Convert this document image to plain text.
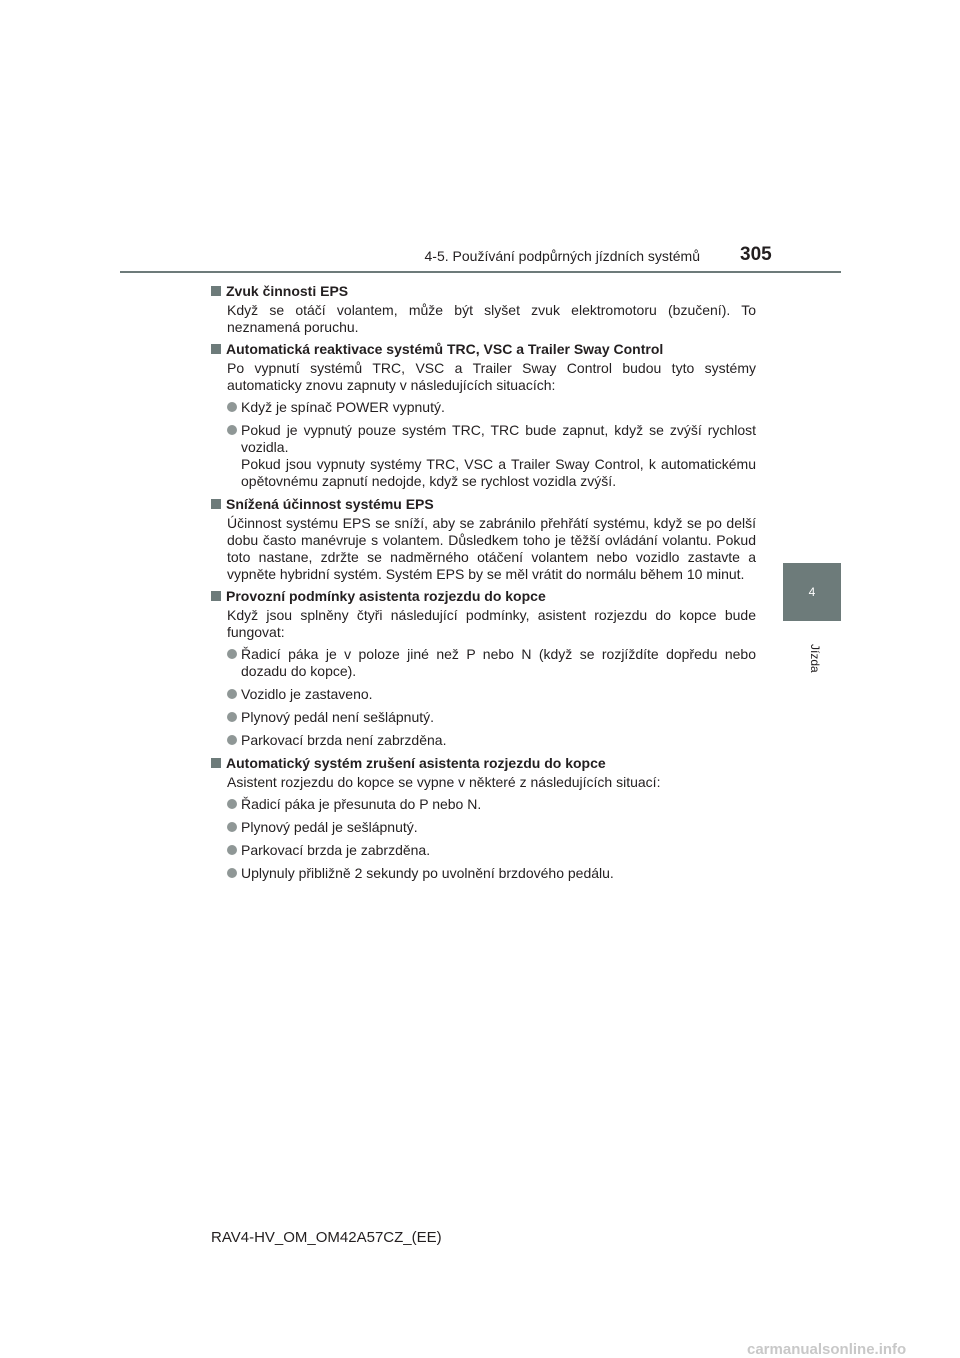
4-5. Používání podpůrných jízdních systémů 305
4
Jízda
Zvuk činnosti EPS

Když se otáčí volantem, může být slyšet zvuk elektromotoru (bzučení). To neznamená poruchu.

Automatická reaktivace systémů TRC, VSC a Trailer Sway Control

Po vypnutí systémů TRC, VSC a Trailer Sway Control budou tyto systémy automaticky znovu zapnuty v následujících situacích:

Když je spínač POWER vypnutý.

Pokud je vypnutý pouze systém TRC, TRC bude zapnut, když se zvýší rychlost vozidla.

Pokud jsou vypnuty systémy TRC, VSC a Trailer Sway Control, k automatickému opětovnému zapnutí nedojde, když se rychlost vozidla zvýší.

Snížená účinnost systému EPS

Účinnost systému EPS se sníží, aby se zabránilo přehřátí systému, když se po delší dobu často manévruje s volantem. Důsledkem toho je těžší ovládání volantu. Pokud toto nastane, zdržte se nadměrného otáčení volantem nebo vozidlo zastavte a vypněte hybridní systém. Systém EPS by se měl vrátit do normálu během 10 minut.

Provozní podmínky asistenta rozjezdu do kopce

Když jsou splněny čtyři následující podmínky, asistent rozjezdu do kopce bude fungovat:

Řadicí páka je v poloze jiné než P nebo N (když se rozjíždíte dopředu nebo dozadu do kopce).

Vozidlo je zastaveno.

Plynový pedál není sešlápnutý.

Parkovací brzda není zabrzděna.

Automatický systém zrušení asistenta rozjezdu do kopce

Asistent rozjezdu do kopce se vypne v některé z následujících situací:

Řadicí páka je přesunuta do P nebo N.

Plynový pedál je sešlápnutý.

Parkovací brzda je zabrzděna.

Uplynuly přibližně 2 sekundy po uvolnění brzdového pedálu.

RAV4-HV_OM_OM42A57CZ_(EE)
carmanualsonline.info
